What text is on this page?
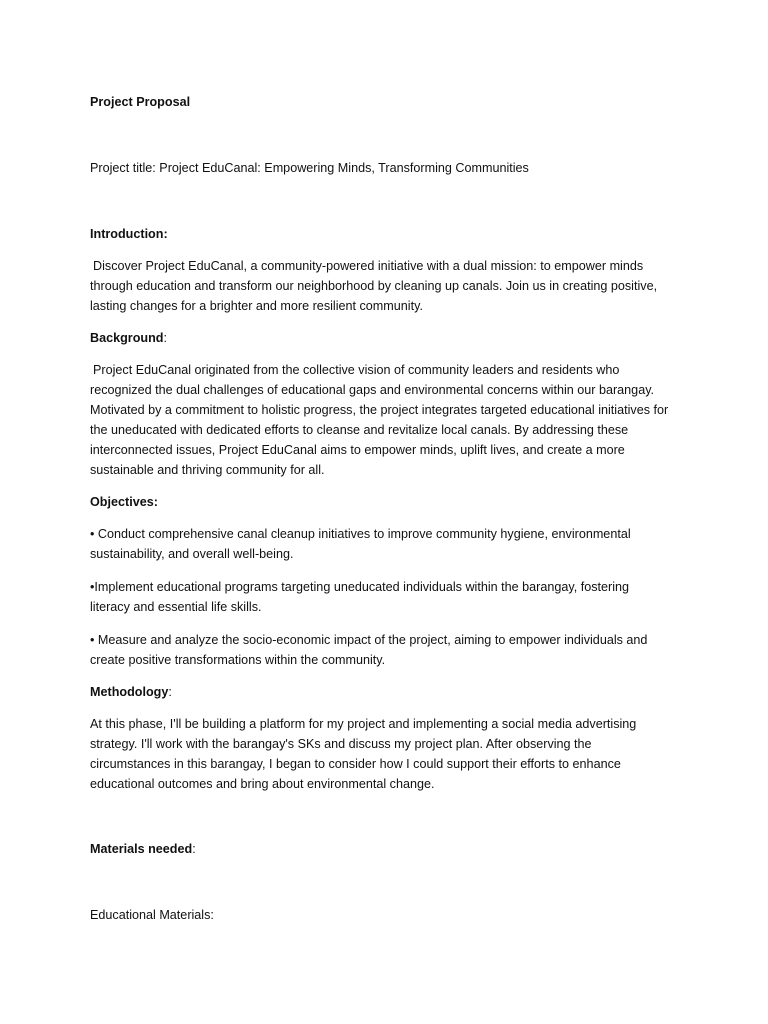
Project Proposal

Project title: Project EduCanal: Empowering Minds, Transforming Communities

Introduction:

Discover Project EduCanal, a community-powered initiative with a dual mission: to empower minds through education and transform our neighborhood by cleaning up canals. Join us in creating positive, lasting changes for a brighter and more resilient community.

Background:

Project EduCanal originated from the collective vision of community leaders and residents who recognized the dual challenges of educational gaps and environmental concerns within our barangay. Motivated by a commitment to holistic progress, the project integrates targeted educational initiatives for the uneducated with dedicated efforts to cleanse and revitalize local canals. By addressing these interconnected issues, Project EduCanal aims to empower minds, uplift lives, and create a more sustainable and thriving community for all.

Objectives:

• Conduct comprehensive canal cleanup initiatives to improve community hygiene, environmental sustainability, and overall well-being.

•Implement educational programs targeting uneducated individuals within the barangay, fostering literacy and essential life skills.

• Measure and analyze the socio-economic impact of the project, aiming to empower individuals and create positive transformations within the community.

Methodology:

At this phase, I'll be building a platform for my project and implementing a social media advertising strategy. I'll work with the barangay's SKs and discuss my project plan. After observing the circumstances in this barangay, I began to consider how I could support their efforts to enhance educational outcomes and bring about environmental change.

Materials needed:

Educational Materials:
